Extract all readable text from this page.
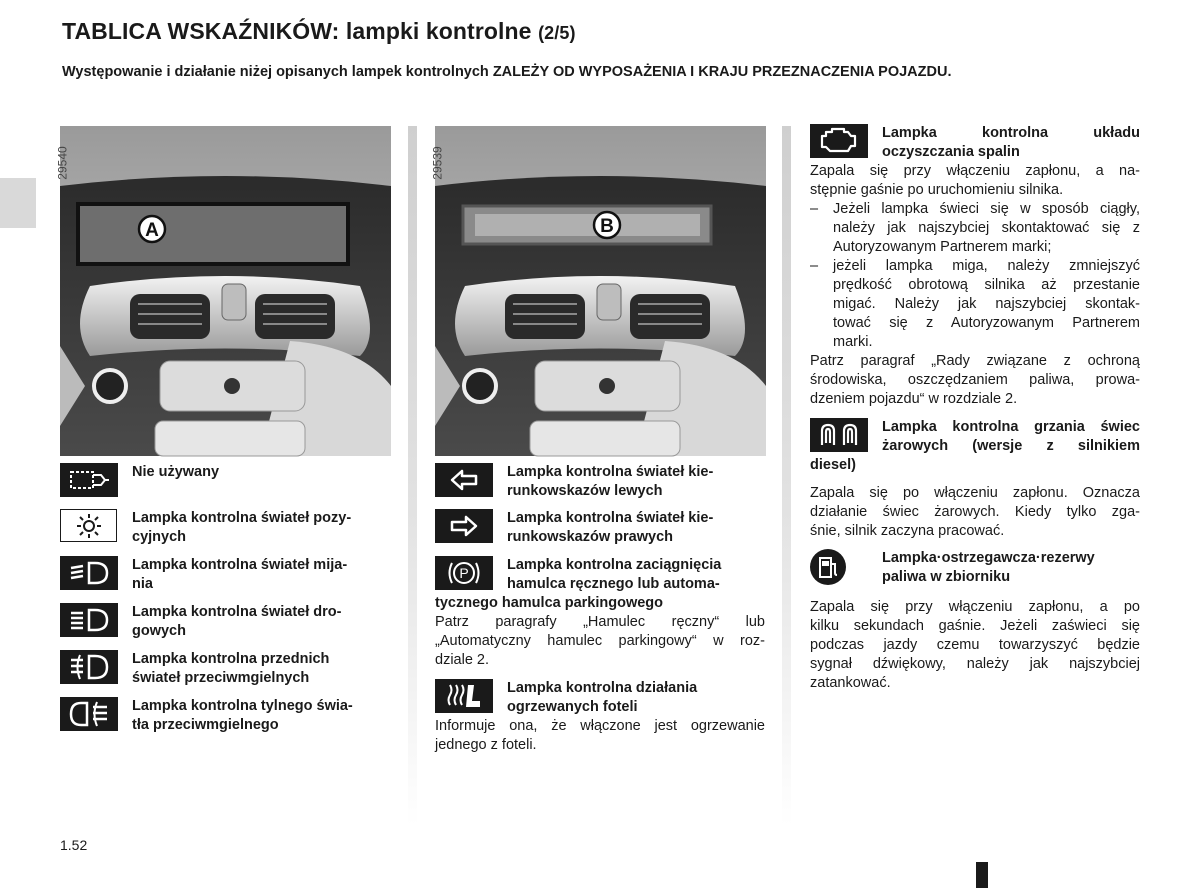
TABLICA WSKAŹNIKÓW: lampki kontrolne (2/5)
Występowanie i działanie niżej opisanych lampek kontrolnych ZALEŻY OD WYPOSAŻENIA I KRAJU PRZEZNACZENIA POJAZDU.
A
29540
B
29539
Nie używany
Lampka kontrolna świateł pozy-
cyjnych
Lampka kontrolna świateł mija-
nia
Lampka kontrolna świateł dro-
gowych
Lampka kontrolna przednich
świateł przeciwmgielnych
Lampka kontrolna tylnego świa-
tła przeciwmgielnego
Lampka kontrolna świateł kie-
runkowskazów lewych
Lampka kontrolna świateł kie-
runkowskazów prawych
P	Lampka kontrolna zaciągnięcia
hamulca ręcznego lub automa-
tycznego hamulca parkingowego
Patrz paragrafy „Hamulec ręczny“ lub
„Automatyczny hamulec parkingowy“ w roz-
dziale 2.
Lampka kontrolna działania
ogrzewanych foteli
Informuje ona, że włączone jest ogrzewanie
jednego z foteli.
Lampka kontrolna układu
oczyszczania spalin
Zapala się przy włączeniu zapłonu, a na-
stępnie gaśnie po uruchomieniu silnika.
– Jeżeli lampka świeci się w sposób ciągły,
należy jak najszybciej skontaktować się z
Autoryzowanym Partnerem marki;
– jeżeli lampka miga, należy zmniejszyć
prędkość obrotową silnika aż przestanie
migać. Należy jak najszybciej skontak-
tować się z Autoryzowanym Partnerem
marki.
Patrz paragraf „Rady związane z ochroną
środowiska, oszczędzaniem paliwa, prowa-
dzeniem pojazdu“ w rozdziale 2.
Lampka kontrolna grzania świec
żarowych (wersje z silnikiem
diesel)
Zapala się po włączeniu zapłonu. Oznacza
działanie świec żarowych. Kiedy tylko zga-
śnie, silnik zaczyna pracować.
Lampka·ostrzegawcza·rezerwy
paliwa w zbiorniku
Zapala się przy włączeniu zapłonu, a po
kilku sekundach gaśnie. Jeżeli zaświeci się
podczas jazdy czemu towarzyszyć będzie
sygnał dźwiękowy, należy jak najszybciej
zatankować.
1.52
